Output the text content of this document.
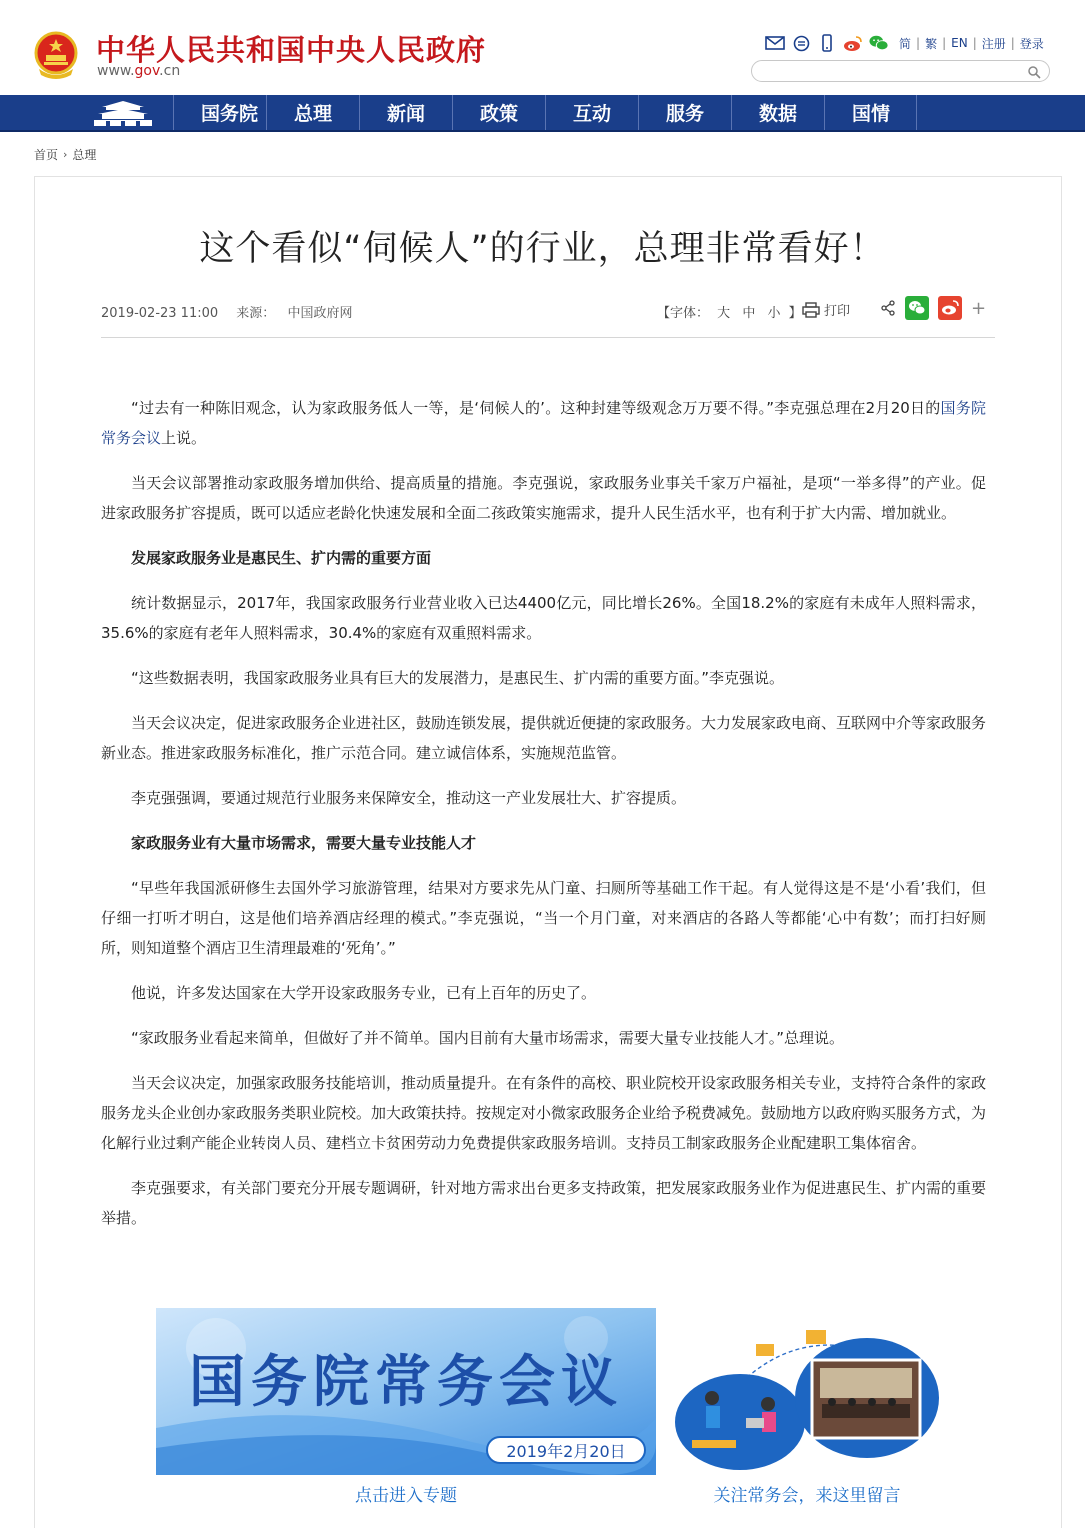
中华人民共和国中央人民政府
www.gov.cn
简 | 繁 | EN | 注册 | 登录
国务院	总理	新闻	政策	互动	服务	数据	国情
首页 › 总理
这个看似“伺候人”的行业，总理非常看好！
2019-02-23 11:00 来源： 中国政府网	【字体： 大 中 小 】 打印	+

“过去有一种陈旧观念，认为家政服务低人一等，是‘伺候人的’。这种封建等级观念万万要不得。”李克强总理在2月20日的国务院常务会议上说。

当天会议部署推动家政服务增加供给、提高质量的措施。李克强说，家政服务业事关千家万户福祉，是项“一举多得”的产业。促进家政服务扩容提质，既可以适应老龄化快速发展和全面二孩政策实施需求，提升人民生活水平，也有利于扩大内需、增加就业。

发展家政服务业是惠民生、扩内需的重要方面

统计数据显示，2017年，我国家政服务行业营业收入已达4400亿元，同比增长26%。全国18.2%的家庭有未成年人照料需求，35.6%的家庭有老年人照料需求，30.4%的家庭有双重照料需求。

“这些数据表明，我国家政服务业具有巨大的发展潜力，是惠民生、扩内需的重要方面。”李克强说。

当天会议决定，促进家政服务企业进社区，鼓励连锁发展，提供就近便捷的家政服务。大力发展家政电商、互联网中介等家政服务新业态。推进家政服务标准化，推广示范合同。建立诚信体系，实施规范监管。

李克强强调，要通过规范行业服务来保障安全，推动这一产业发展壮大、扩容提质。

家政服务业有大量市场需求，需要大量专业技能人才

“早些年我国派研修生去国外学习旅游管理，结果对方要求先从门童、扫厕所等基础工作干起。有人觉得这是不是‘小看’我们，但仔细一打听才明白，这是他们培养酒店经理的模式。”李克强说，“当一个月门童，对来酒店的各路人等都能‘心中有数’；而打扫好厕所，则知道整个酒店卫生清理最难的‘死角’。”

他说，许多发达国家在大学开设家政服务专业，已有上百年的历史了。

“家政服务业看起来简单，但做好了并不简单。国内目前有大量市场需求，需要大量专业技能人才。”总理说。

当天会议决定，加强家政服务技能培训，推动质量提升。在有条件的高校、职业院校开设家政服务相关专业，支持符合条件的家政服务龙头企业创办家政服务类职业院校。加大政策扶持。按规定对小微家政服务企业给予税费减免。鼓励地方以政府购买服务方式，为化解行业过剩产能企业转岗人员、建档立卡贫困劳动力免费提供家政服务培训。支持员工制家政服务企业配建职工集体宿舍。

李克强要求，有关部门要充分开展专题调研，针对地方需求出台更多支持政策，把发展家政服务业作为促进惠民生、扩内需的重要举措。

国务院常务会议
2019年2月20日
点击进入专题	关注常务会，来这里留言
